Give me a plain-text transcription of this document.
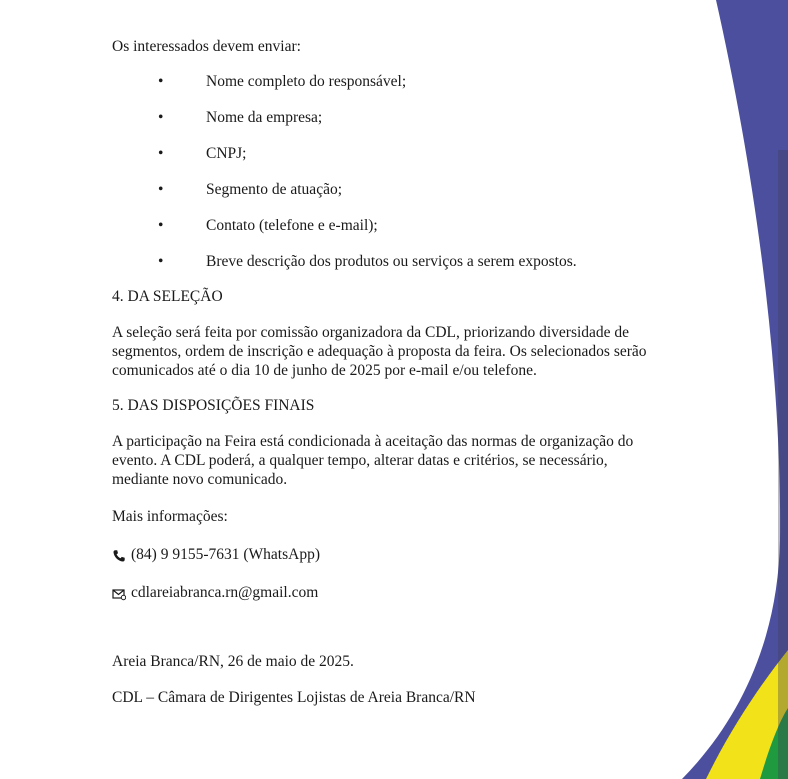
Os interessados devem enviar:

•	Nome completo do responsável;
•	Nome da empresa;
•	CNPJ;
•	Segmento de atuação;
•	Contato (telefone e e-mail);
•	Breve descrição dos produtos ou serviços a serem expostos.

4. DA SELEÇÃO

A seleção será feita por comissão organizadora da CDL, priorizando diversidade de
segmentos, ordem de inscrição e adequação à proposta da feira. Os selecionados serão
comunicados até o dia 10 de junho de 2025 por e-mail e/ou telefone.

5. DAS DISPOSIÇÕES FINAIS

A participação na Feira está condicionada à aceitação das normas de organização do
evento. A CDL poderá, a qualquer tempo, alterar datas e critérios, se necessário,
mediante novo comunicado.

Mais informações:

(84) 9 9155-7631 (WhatsApp)
cdlareiabranca.rn@gmail.com

Areia Branca/RN, 26 de maio de 2025.

CDL – Câmara de Dirigentes Lojistas de Areia Branca/RN
